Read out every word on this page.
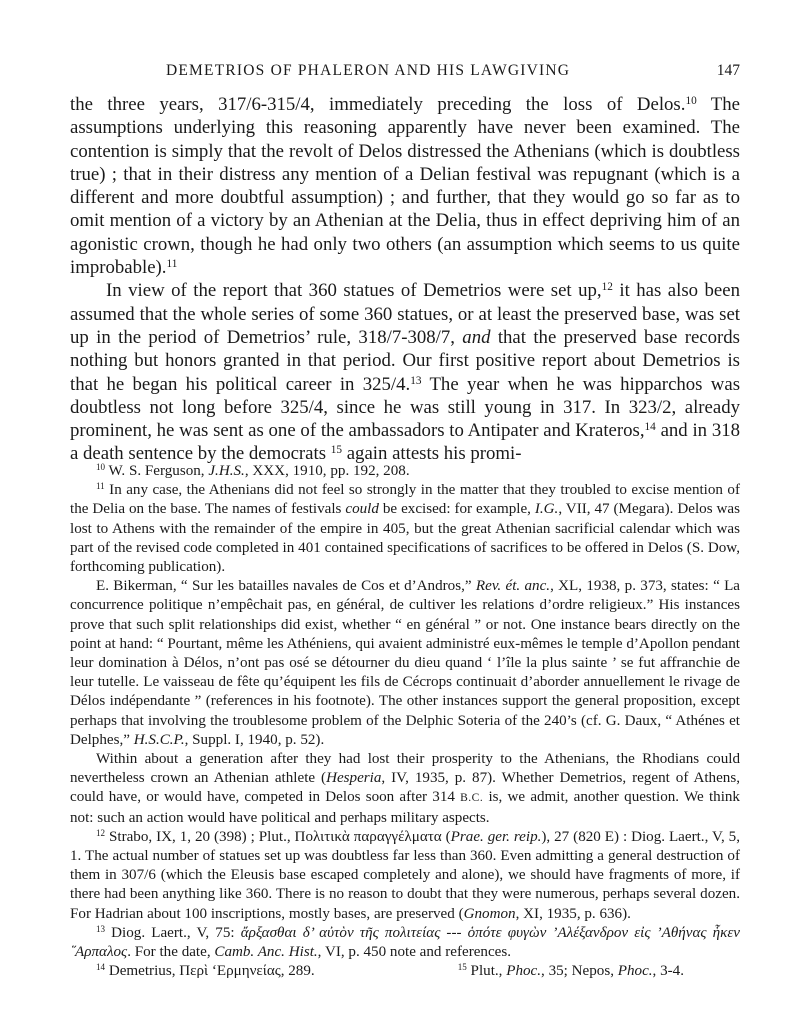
DEMETRIOS OF PHALERON AND HIS LAWGIVING	147

the three years, 317/6-315/4, immediately preceding the loss of Delos.$^{10}$ The assumptions underlying this reasoning apparently have never been examined. The contention is simply that the revolt of Delos distressed the Athenians (which is doubtless true) ; that in their distress any mention of a Delian festival was repugnant (which is a different and more doubtful assumption) ; and further, that they would go so far as to omit mention of a victory by an Athenian at the Delia, thus in effect depriving him of an agonistic crown, though he had only two others (an assumption which seems to us quite improbable).$^{11}$

In view of the report that 360 statues of Demetrios were set up,$^{12}$ it has also been assumed that the whole series of some 360 statues, or at least the preserved base, was set up in the period of Demetrios’ rule, 318/7-308/7, and that the preserved base records nothing but honors granted in that period. Our first positive report about Demetrios is that he began his political career in 325/4.13 The year when he was hipparchos was doubtless not long before 325/4, since he was still young in 317. In 323/2, already prominent, he was sent as one of the ambassadors to Antipater and Krateros,$^{14}$ and in 318 a death sentence by the democrats $^{15}$ again attests his promi-

$^{10}$ W. S. Ferguson, J.H.S., XXX, 1910, pp. 192, 208.

$^{11}$ In any case, the Athenians did not feel so strongly in the matter that they troubled to excise mention of the Delia on the base. The names of festivals could be excised: for example, I.G., VII, 47 (Megara). Delos was lost to Athens with the remainder of the empire in 405, but the great Athenian sacrificial calendar which was part of the revised code completed in 401 contained specifications of sacrifices to be offered in Delos (S. Dow, forthcoming publication).

E. Bikerman, “ Sur les batailles navales de Cos et d’Andros,” Rev. ét. anc., XL, 1938, p. 373, states: “ La concurrence politique n’empêchait pas, en général, de cultiver les relations d’ordre religieux.” His instances prove that such split relationships did exist, whether “ en général ” or not. One instance bears directly on the point at hand: “ Pourtant, même les Athéniens, qui avaient administré eux-mêmes le temple d’Apollon pendant leur domination à Délos, n’ont pas osé se détourner du dieu quand ‘ l’île la plus sainte ’ se fut affranchie de leur tutelle. Le vaisseau de fête qu’équipent les fils de Cécrops continuait d’aborder annuellement le rivage de Délos indépendante ” (references in his footnote). The other instances support the general proposition, except perhaps that involving the troublesome problem of the Delphic Soteria of the 240’s (cf. G. Daux, “ Athénes et Delphes,” H.S.C.P., Suppl. I, 1940, p. 52).

Within about a generation after they had lost their prosperity to the Athenians, the Rhodians could nevertheless crown an Athenian athlete (Hesperia, IV, 1935, p. 87). Whether Demetrios, regent of Athens, could have, or would have, competed in Delos soon after 314 B.C. is, we admit, another question. We think not: such an action would have political and perhaps military aspects.

$^{12}$ Strabo, IX, 1, 20 (398) ; Plut., Πολιτικὰ παραγγέλματα (Prae. ger. reip.), 27 (820 E) : Diog. Laert., V, 5, 1. The actual number of statues set up was doubtless far less than 360. Even admitting a general destruction of them in 307/6 (which the Eleusis base escaped completely and alone), we should have fragments of more, if there had been anything like 360. There is no reason to doubt that they were numerous, perhaps several dozen. For Hadrian about 100 inscriptions, mostly bases, are preserved (Gnomon, XI, 1935, p. 636).

$^{13}$ Diog. Laert., V, 75: ἄρξασθαι δ’ αὐτὸν τῆς πολιτείας --- ὁπότε φυγὼν ’Αλέξανδρον εἰς ’Αθήνας ἧκεν ῞Αρπαλος. For the date, Camb. Anc. Hist., VI, p. 450 note and references.

$^{14}$ Demetrius, Περὶ ‘Ερμηνείας, 289.	$^{15}$ Plut., Phoc., 35; Nepos, Phoc., 3-4.
